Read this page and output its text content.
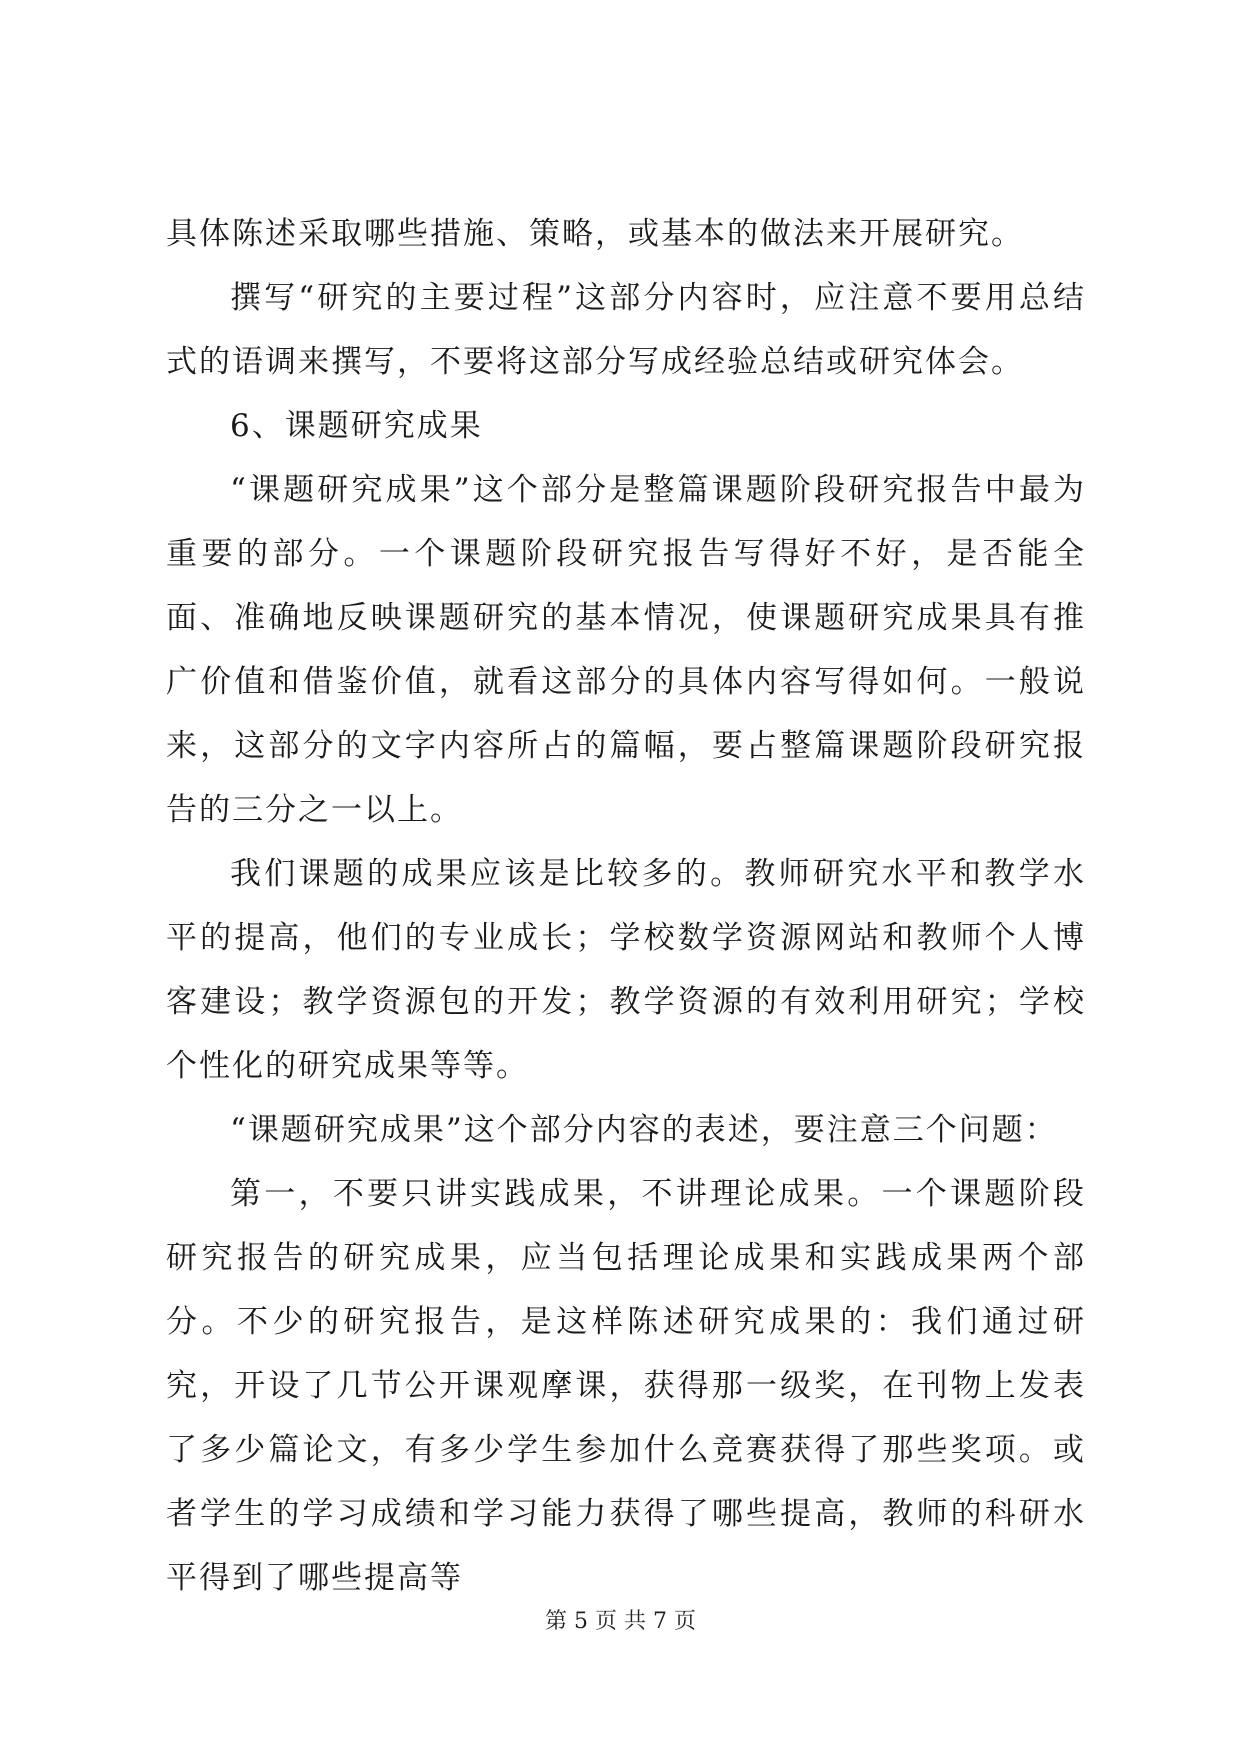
具体陈述采取哪些措施、策略，或基本的做法来开展研究。

撰写“研究的主要过程”这部分内容时，应注意不要用总结式的语调来撰写，不要将这部分写成经验总结或研究体会。

6、课题研究成果

“课题研究成果”这个部分是整篇课题阶段研究报告中最为重要的部分。一个课题阶段研究报告写得好不好，是否能全面、准确地反映课题研究的基本情况，使课题研究成果具有推广价值和借鉴价值，就看这部分的具体内容写得如何。一般说来，这部分的文字内容所占的篇幅，要占整篇课题阶段研究报告的三分之一以上。

我们课题的成果应该是比较多的。教师研究水平和教学水平的提高，他们的专业成长；学校数学资源网站和教师个人博客建设；教学资源包的开发；教学资源的有效利用研究；学校个性化的研究成果等等。

“课题研究成果”这个部分内容的表述，要注意三个问题：

第一，不要只讲实践成果，不讲理论成果。一个课题阶段研究报告的研究成果，应当包括理论成果和实践成果两个部分。不少的研究报告，是这样陈述研究成果的：我们通过研究，开设了几节公开课观摩课，获得那一级奖，在刊物上发表了多少篇论文，有多少学生参加什么竞赛获得了那些奖项。或者学生的学习成绩和学习能力获得了哪些提高，教师的科研水平得到了哪些提高等

第 5 页 共 7 页
